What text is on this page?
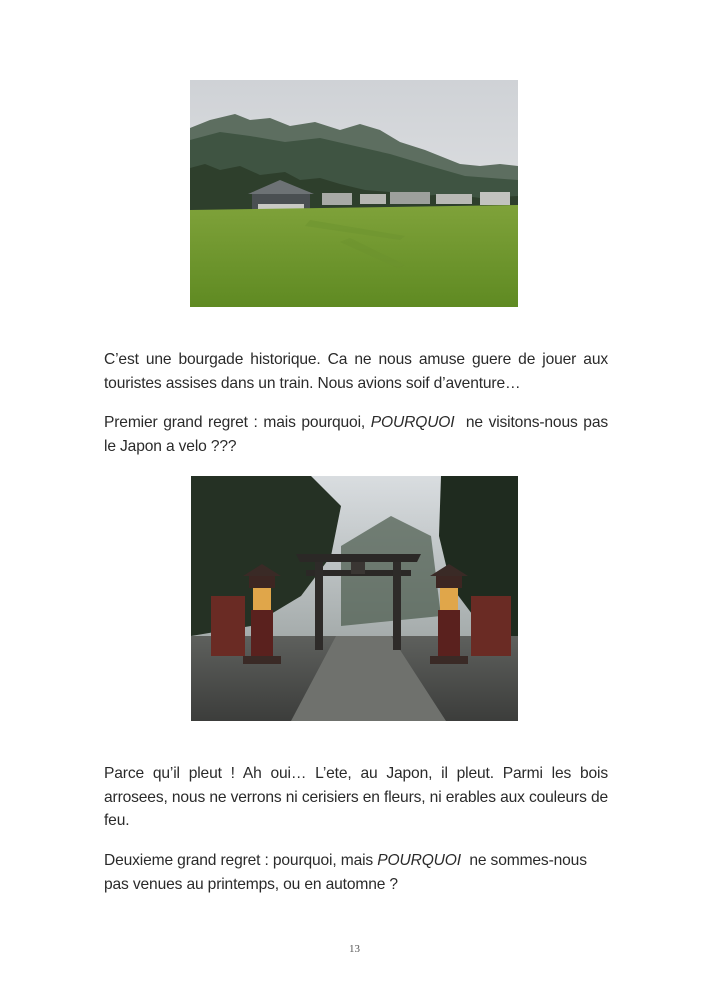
C’est une bourgade historique. Ca ne nous amuse guere de jouer aux touristes assises dans un train. Nous avions soif d’aventure…

Premier grand regret : mais pourquoi, POURQUOI  ne visitons-nous pas le Japon a velo ???

Parce qu’il pleut ! Ah oui… L’ete, au Japon, il pleut. Parmi les bois arrosees, nous ne verrons ni cerisiers en fleurs, ni erables aux couleurs de feu.

Deuxieme grand regret : pourquoi, mais POURQUOI  ne sommes-nous pas venues au printemps, ou en automne ?

13
